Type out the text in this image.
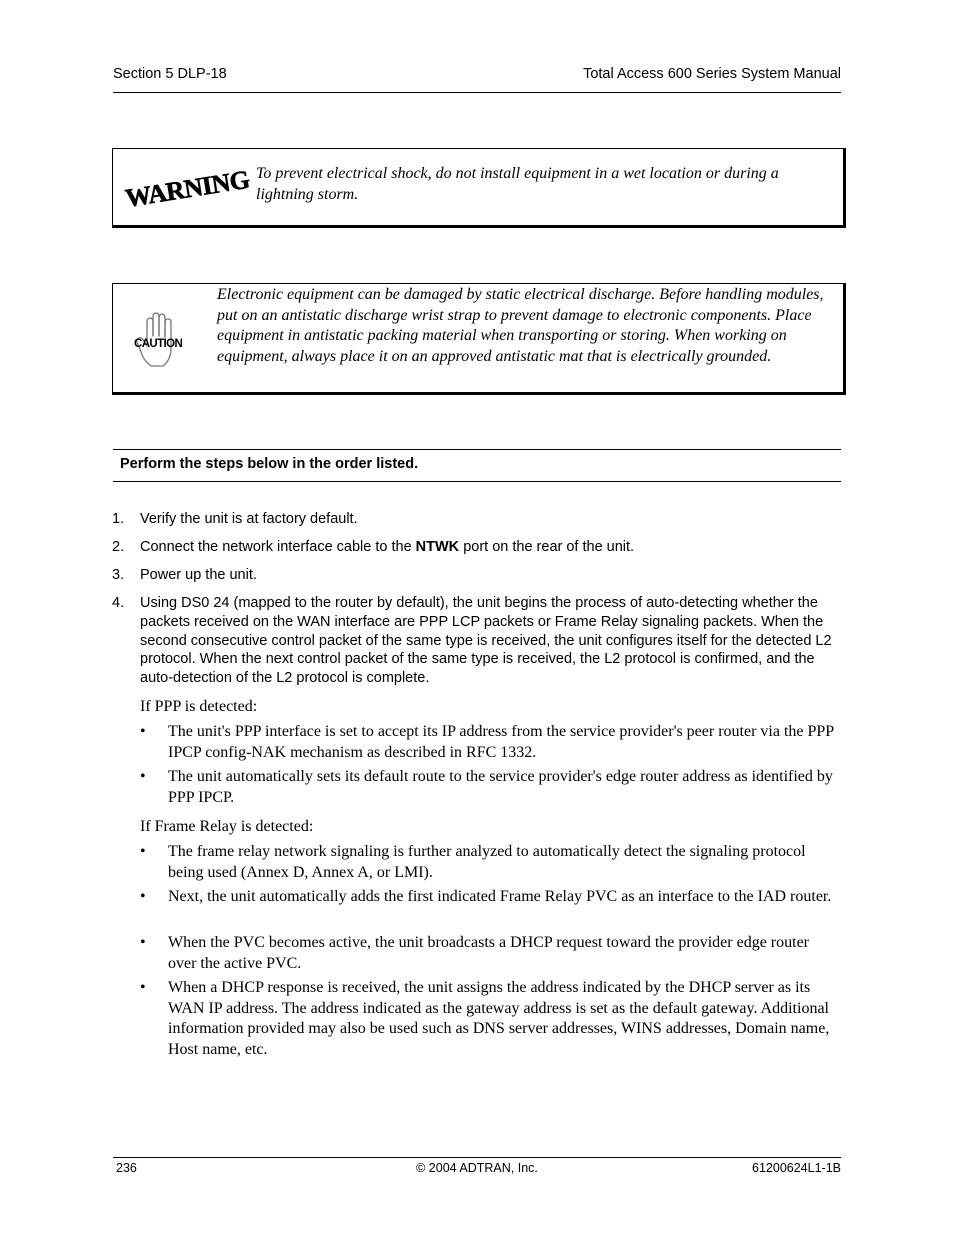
Section 5 DLP-18	Total Access 600 Series System Manual
WARNING To prevent electrical shock, do not install equipment in a wet location or during a lightning storm.
CAUTION
Electronic equipment can be damaged by static electrical discharge. Before handling modules, put on an antistatic discharge wrist strap to prevent damage to electronic components. Place equipment in antistatic packing material when transporting or storing. When working on equipment, always place it on an approved antistatic mat that is electrically grounded.
Perform the steps below in the order listed.
1. Verify the unit is at factory default.
2. Connect the network interface cable to the NTWK port on the rear of the unit.
3. Power up the unit.
4. Using DS0 24 (mapped to the router by default), the unit begins the process of auto-detecting whether the packets received on the WAN interface are PPP LCP packets or Frame Relay signaling packets. When the second consecutive control packet of the same type is received, the unit configures itself for the detected L2 protocol. When the next control packet of the same type is received, the L2 protocol is confirmed, and the auto-detection of the L2 protocol is complete.
If PPP is detected:
• The unit's PPP interface is set to accept its IP address from the service provider's peer router via the PPP IPCP config-NAK mechanism as described in RFC 1332.
• The unit automatically sets its default route to the service provider's edge router address as identified by PPP IPCP.
If Frame Relay is detected:
• The frame relay network signaling is further analyzed to automatically detect the signaling protocol being used (Annex D, Annex A, or LMI).
• Next, the unit automatically adds the first indicated Frame Relay PVC as an interface to the IAD router.
• When the PVC becomes active, the unit broadcasts a DHCP request toward the provider edge router over the active PVC.
• When a DHCP response is received, the unit assigns the address indicated by the DHCP server as its WAN IP address. The address indicated as the gateway address is set as the default gateway. Additional information provided may also be used such as DNS server addresses, WINS addresses, Domain name, Host name, etc.
236	© 2004 ADTRAN, Inc.	61200624L1-1B
